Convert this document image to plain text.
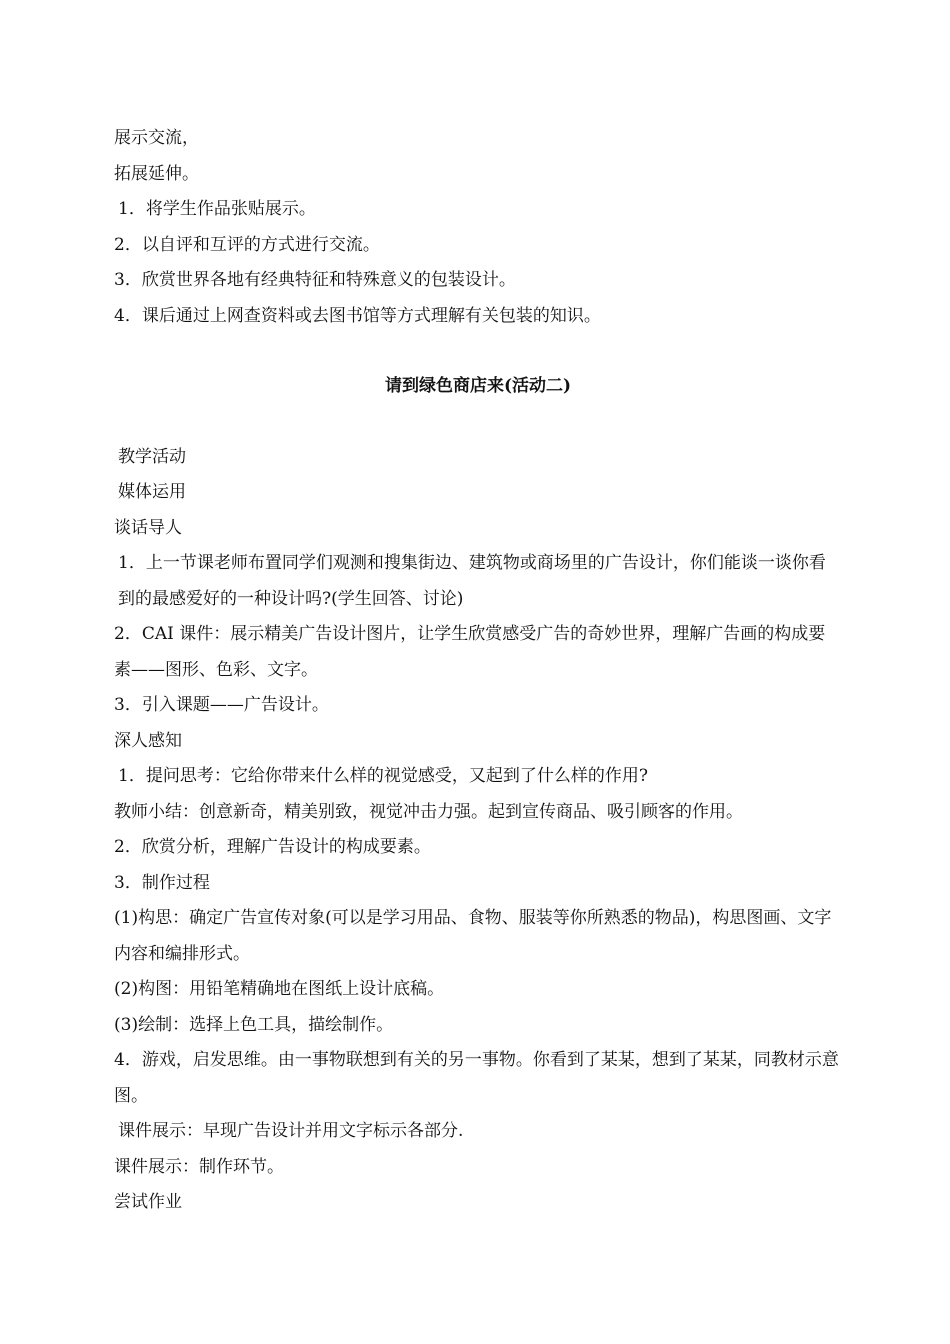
展示交流，

拓展延伸。

1．将学生作品张贴展示。

2．以自评和互评的方式进行交流。

3．欣赏世界各地有经典特征和特殊意义的包装设计。

4．课后通过上网查资料或去图书馆等方式理解有关包装的知识。

请到绿色商店来(活动二)

教学活动

媒体运用

谈话导人

1．上一节课老师布置同学们观测和搜集街边、建筑物或商场里的广告设计，你们能谈一谈你看到的最感爱好的一种设计吗?(学生回答、讨论)

2．CAI 课件：展示精美广告设计图片，让学生欣赏感受广告的奇妙世界，理解广告画的构成要素——图形、色彩、文字。

3．引入课题——广告设计。

深人感知

1．提问思考：它给你带来什么样的视觉感受，又起到了什么样的作用?

教师小结：创意新奇，精美别致，视觉冲击力强。起到宣传商品、吸引顾客的作用。

2．欣赏分析，理解广告设计的构成要素。

3．制作过程

(1)构思：确定广告宣传对象(可以是学习用品、食物、服装等你所熟悉的物品)，构思图画、文字内容和编排形式。

(2)构图：用铅笔精确地在图纸上设计底稿。

(3)绘制：选择上色工具，描绘制作。

4．游戏，启发思维。由一事物联想到有关的另一事物。你看到了某某，想到了某某，同教材示意图。

课件展示：早现广告设计并用文字标示各部分.

课件展示：制作环节。

尝试作业
